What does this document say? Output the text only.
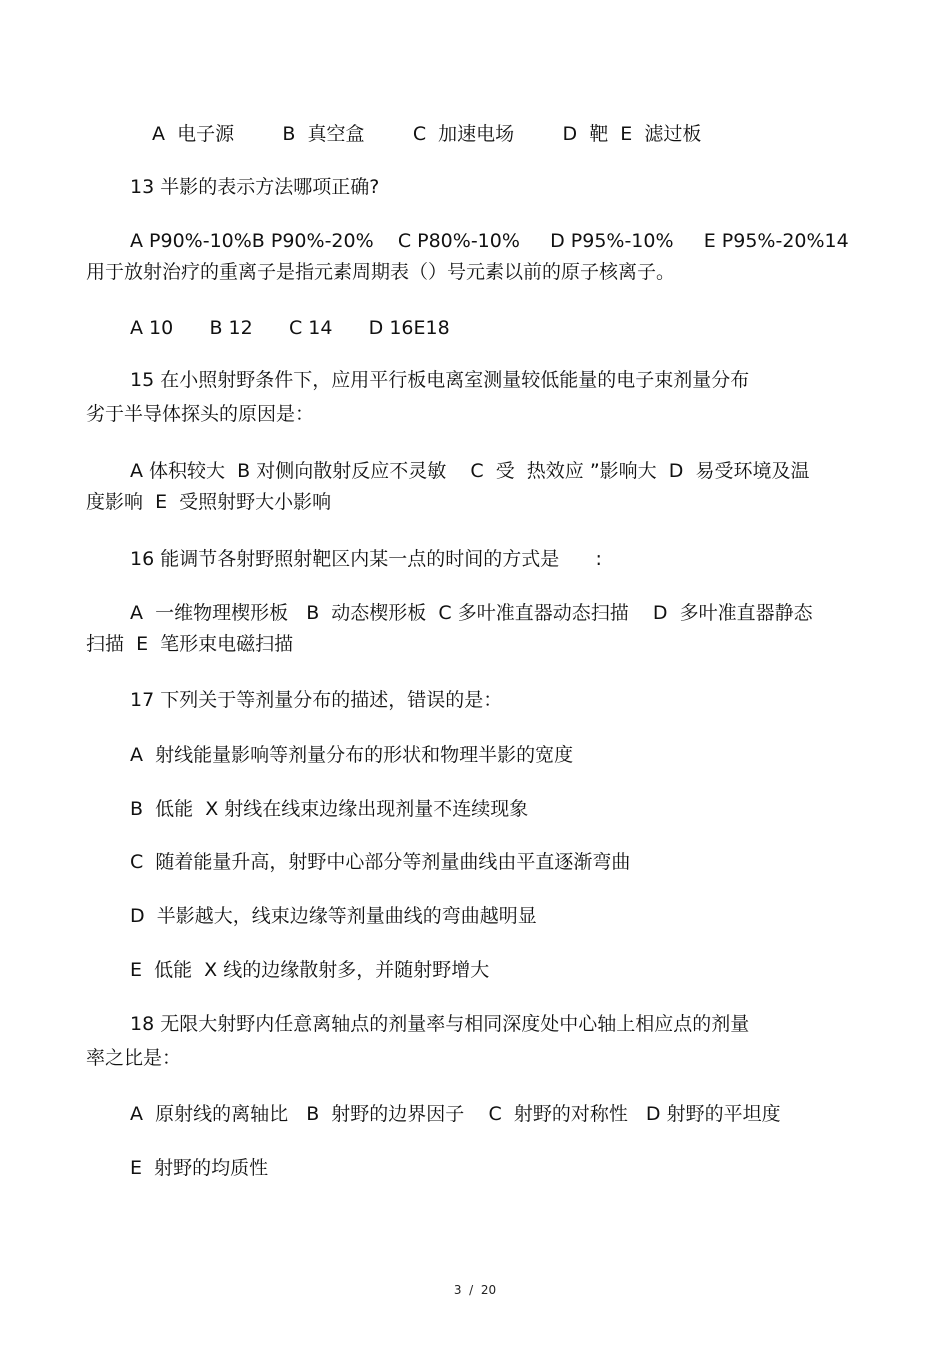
A  电子源        B  真空盒        C  加速电场        D  靶  E  滤过板
13 半影的表示方法哪项正确?
A P90%-10%B P90%-20%    C P80%-10%     D P95%-10%     E P95%-20%14
用于放射治疗的重离子是指元素周期表（）号元素以前的原子核离子。
A 10      B 12      C 14      D 16E18
15 在小照射野条件下，应用平行板电离室测量较低能量的电子束剂量分布
劣于半导体探头的原因是：
A 体积较大  B 对侧向散射反应不灵敏    C  受  热效应 ”影响大  D  易受环境及温
度影响  E  受照射野大小影响
16 能调节各射野照射靶区内某一点的时间的方式是      :
A  一维物理楔形板   B  动态楔形板  C 多叶准直器动态扫描    D  多叶准直器静态
扫描  E  笔形束电磁扫描
17 下列关于等剂量分布的描述，错误的是：
A  射线能量影响等剂量分布的形状和物理半影的宽度
B  低能  X 射线在线束边缘出现剂量不连续现象
C  随着能量升高，射野中心部分等剂量曲线由平直逐渐弯曲
D  半影越大，线束边缘等剂量曲线的弯曲越明显
E  低能  X 线的边缘散射多，并随射野增大
18 无限大射野内任意离轴点的剂量率与相同深度处中心轴上相应点的剂量
率之比是：
A  原射线的离轴比   B  射野的边界因子    C  射野的对称性   D 射野的平坦度
E  射野的均质性
3  /  20
